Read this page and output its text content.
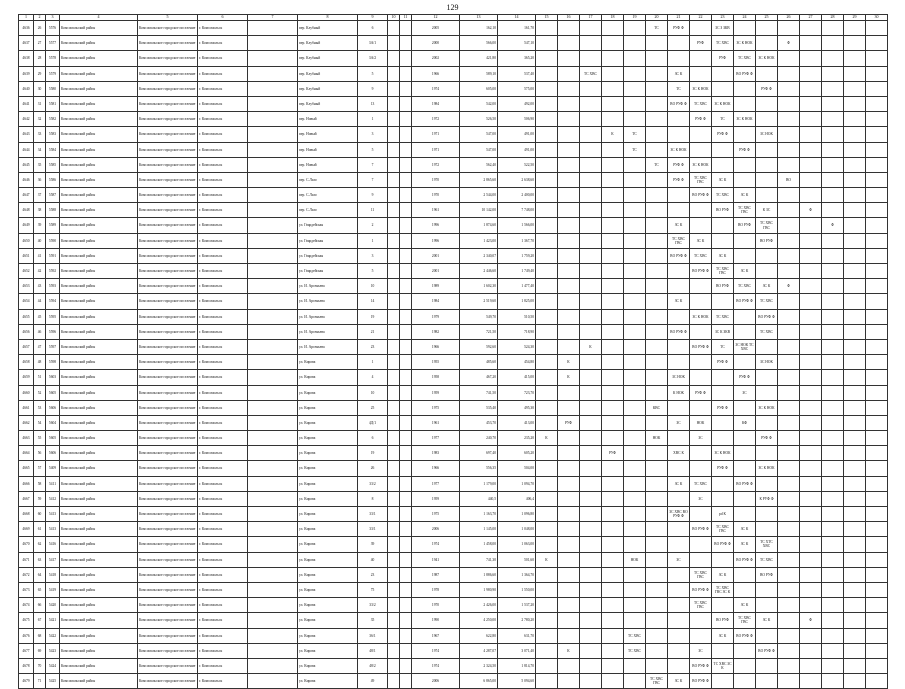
129
1	2	3	4	5	6	7	8	9	10	11	12	13	14	15	16	17	18	19	20	21	22	23	24	25	26	27	28	29	30
4636	26	5576	Комсомольский район	Комсомольское городское поселение	г. Комсомольск		пер. Клубный	6			2005	162,10	161,70						ТС	РУФ Ф		ЗС З ЗКВ							
4637	27	5577	Комсомольский район	Комсомольское городское поселение	г. Комсомольск		пер. Клубный	3А/1			2000	566,00	547,10								РУФ	ТС ХВС	ЗС К НОК		Ф				
4638	28	5578	Комсомольский район	Комсомольское городское поселение	г. Комсомольск		пер. Клубный	3А/2			2002	421,80	365,20									РУФ	ТС ХВС	ЗС К НОК					
4639	29	5579	Комсомольский район	Комсомольское городское поселение	г. Комсомольск		пер. Клубный	5			1966	589,10	537,40			ТС ХВС				ЗС К			ВО РУФ Ф						
4640	30	5580	Комсомольский район	Комсомольское городское поселение	г. Комсомольск		пер. Клубный	9			1974	605,00	575,00							ТС	ЗС К НОК			РУФ Ф					
4641	31	5581	Комсомольский район	Комсомольское городское поселение	г. Комсомольск		пер. Клубный	13			1984	542,00	492,00							ВО РУФ Ф	ТС ХВС	ЗС К НОК							
4642	32	5582	Комсомольский район	Комсомольское городское поселение	г. Комсомольск		пер. Новый	1			1972	526,50	506,90								РУФ Ф	ТС	ЗС К НОК						
4643	33	5583	Комсомольский район	Комсомольское городское поселение	г. Комсомольск		пер. Новый	3			1971	547,00	491,00				К	ТС				РУФ Ф		ЗС НОК					
4644	34	5584	Комсомольский район	Комсомольское городское поселение	г. Комсомольск		пер. Новый	5			1971	547,00	491,00					ТС		ЗС К НОК			РУФ Ф						
4645	35	5585	Комсомольский район	Комсомольское городское поселение	г. Комсомольск		пер. Новый	7			1972	562,40	522,50						ТС	РУФ Ф	ЗС К НОК								
4646	36	5586	Комсомольский район	Комсомольское городское поселение	г. Комсомольск		пер. С.Лазо	7			1970	2 865,60	2 638,60							РУФ Ф	ТС ХВС ГВС	ЗС К			ВО				
4647	37	5587	Комсомольский район	Комсомольское городское поселение	г. Комсомольск		пер. С.Лазо	9			1970	2 544,00	2 400,00								ВО РУФ Ф	ТС ХВС	ЗС К						
4648	38	5588	Комсомольский район	Комсомольское городское поселение	г. Комсомольск		пер. С.Лазо	11			1961	10 142,00	7 748,00									ВО РУФ	ТС ХВС ГВС	К ЗС		Ф			
4649	39	5589	Комсомольский район	Комсомольское городское поселение	г. Комсомольск		ул. Гвардейская	2			1996	1 874,60	1 566,00							ЗС К			ВО РУФ	ТС ХВС ГВС			Ф		
4650	40	5590	Комсомольский район	Комсомольское городское поселение	г. Комсомольск		ул. Гвардейская	1			1996	1 423,00	1 367,70							ТС ХВС ГВС	ЗС К			ВО РУФ					
4651	41	5591	Комсомольский район	Комсомольское городское поселение	г. Комсомольск		ул. Гвардейская	3			2001	2 340,07	1 759,20							ВО РУФ Ф	ТС ХВС	ЗС К							
4652	42	5592	Комсомольский район	Комсомольское городское поселение	г. Комсомольск		ул. Гвардейская	5			2001	2 446,60	1 749,40								ВО РУФ Ф	ТС ХВС ГВС	ЗС К						
4653	43	5593	Комсомольский район	Комсомольское городское поселение	г. Комсомольск		ул. И. Арсеньева	10			1989	1 602,30	1 477,40									ВО РУФ	ТС ХВС	ЗС К	Ф				
4654	44	5594	Комсомольский район	Комсомольское городское поселение	г. Комсомольск		ул. И. Арсеньева	14			1984	2 519,60	1 825,00							ЗС К			ВО РУФ Ф	ТС ХВС					
4655	45	5595	Комсомольский район	Комсомольское городское поселение	г. Комсомольск		ул. И. Арсеньева	19			1979	549,70	510,50								ЗС К НОК	ТС ХВС		ВО РУФ Ф					
4656	46	5596	Комсомольский район	Комсомольское городское поселение	г. Комсомольск		ул. И. Арсеньева	21			1982	721,50	718,90							ВО РУФ Ф		ЗС К ЗКВ		ТС ХВС					
4657	47	5597	Комсомольский район	Комсомольское городское поселение	г. Комсомольск		ул. И. Арсеньева	23			1966	592,60	524,30			К					ВО РУФ Ф	ТС	ЗС НОК ТС ХВС						
4658	48	5598	Комсомольский район	Комсомольское городское поселение	г. Комсомольск		ул. Кирова	1			1955	485,60	454,80		К							РУФ Ф		ЗС НОК					
4659	51	5603	Комсомольский район	Комсомольское городское поселение	г. Комсомольск		ул. Кирова	4			1958	467,20	415,00		К					ЗС НОК			РУФ Ф						
4660	52	5605	Комсомольский район	Комсомольское городское поселение	г. Комсомольск		ул. Кирова	10			1959	741,50	723,70							К НОК	РУФ Ф		ЗС						
4661	53	5606	Комсомольский район	Комсомольское городское поселение	г. Комсомольск		ул. Кирова	25			1975	535,40	495,30						КВС			РУФ Ф		ЗС К НОК					
4662	54	5604	Комсомольский район	Комсомольское городское поселение	г. Комсомольск		ул. Кирова	4Д/1			1961	453,70	413,00		РУФ					ЗС	НОК		КФ						
4663	55	5605	Комсомольский район	Комсомольское городское поселение	г. Комсомольск		ул. Кирова	6			1977	240,70	235,20	К					НОК		ЗС			РУФ Ф					
4664	56	5606	Комсомольский район	Комсомольское городское поселение	г. Комсомольск		ул. Кирова	19			1983	697,40	605,20				РУФ			ХВС К		ЗС К НОК							
4665	57	5409	Комсомольский район	Комсомольское городское поселение	г. Комсомольск		ул. Кирова	26			1966	556,35	504,00									РУФ Ф		ЗС К НОК					
4666	58	5411	Комсомольский район	Комсомольское городское поселение	г. Комсомольск		ул. Кирова	33/2			1977	1 179,00	1 094,70							ЗС К	ТС ХВС		ВО РУФ Ф						
4667	59	5412	Комсомольский район	Комсомольское городское поселение	г. Комсомольск		ул. Кирова	8			1959	440,5	406,4								ЗС			К РУФ Ф					
4668	60	5413	Комсомольский район	Комсомольское городское поселение	г. Комсомольск		ул. Кирова	33/1			1975	1 163,70	1 096,80							ЗС ХВС ВО РУФ Ф		pd К							
4669	61	5413	Комсомольский район	Комсомольское городское поселение	г. Комсомольск		ул. Кирова	33/1			2006	1 145,00	1 048,00								ВО РУФ Ф	ТС ХВС ГВС	ЗС К						
4670	62	5416	Комсомольский район	Комсомольское городское поселение	г. Комсомольск		ул. Кирова	39			1974	1 458,00	1 063,00									ВО РУФ Ф	ЗС К	ТС ХТС ХВС					
4671	63	5417	Комсомольский район	Комсомольское городское поселение	г. Комсомольск		ул. Кирова	40			1941	741,30	501,60	К				НОК		ЗС			ВО РУФ Ф	ТС ХВС					
4672	64	5418	Комсомольский район	Комсомольское городское поселение	г. Комсомольск		ул. Кирова	23			1987	1 886,60	1 364,70								ТС ХВС ГВС	ЗС К		ВО РУФ					
4673	65	5419	Комсомольский район	Комсомольское городское поселение	г. Комсомольск		ул. Кирова	75			1978	1 980,90	1 550,00								ВО РУФ Ф	ТС ХВС ГВС ЗС К							
4674	66	5420	Комсомольский район	Комсомольское городское поселение	г. Комсомольск		ул. Кирова	33/2			1970	2 426,00	1 537,20								ТС ХВС ГВС		ЗС К						
4675	67	5421	Комсомольский район	Комсомольское городское поселение	г. Комсомольск		ул. Кирова	35			1990	4 250,00	2 780,20									ВО РУФ	ТС ХВС ГВС	ЗС К		Ф			
4676	68	5422	Комсомольский район	Комсомольское городское поселение	г. Комсомольск		ул. Кирова	36/1			1967	622,80	631,70					ТС ХВС				ЗС К	ВО РУФ Ф						
4677	69	5423	Комсомольский район	Комсомольское городское поселение	г. Комсомольск		ул. Кирова	48/1			1974	4 287,07	3 071,40		К			ТС ХВС			ЗС			ВО РУФ Ф					
4678	70	5424	Комсомольский район	Комсомольское городское поселение	г. Комсомольск		ул. Кирова	48/2			1974	2 324,50	1 814,70								ВО РУФ Ф	ТС ХВС ЗС К							
4679	71	5425	Комсомольский район	Комсомольское городское поселение	г. Комсомольск		ул. Кирова	49			2006	6 865,00	5 094,60						ТС ХВС ГВС	ЗС К	ВО РУФ Ф								
